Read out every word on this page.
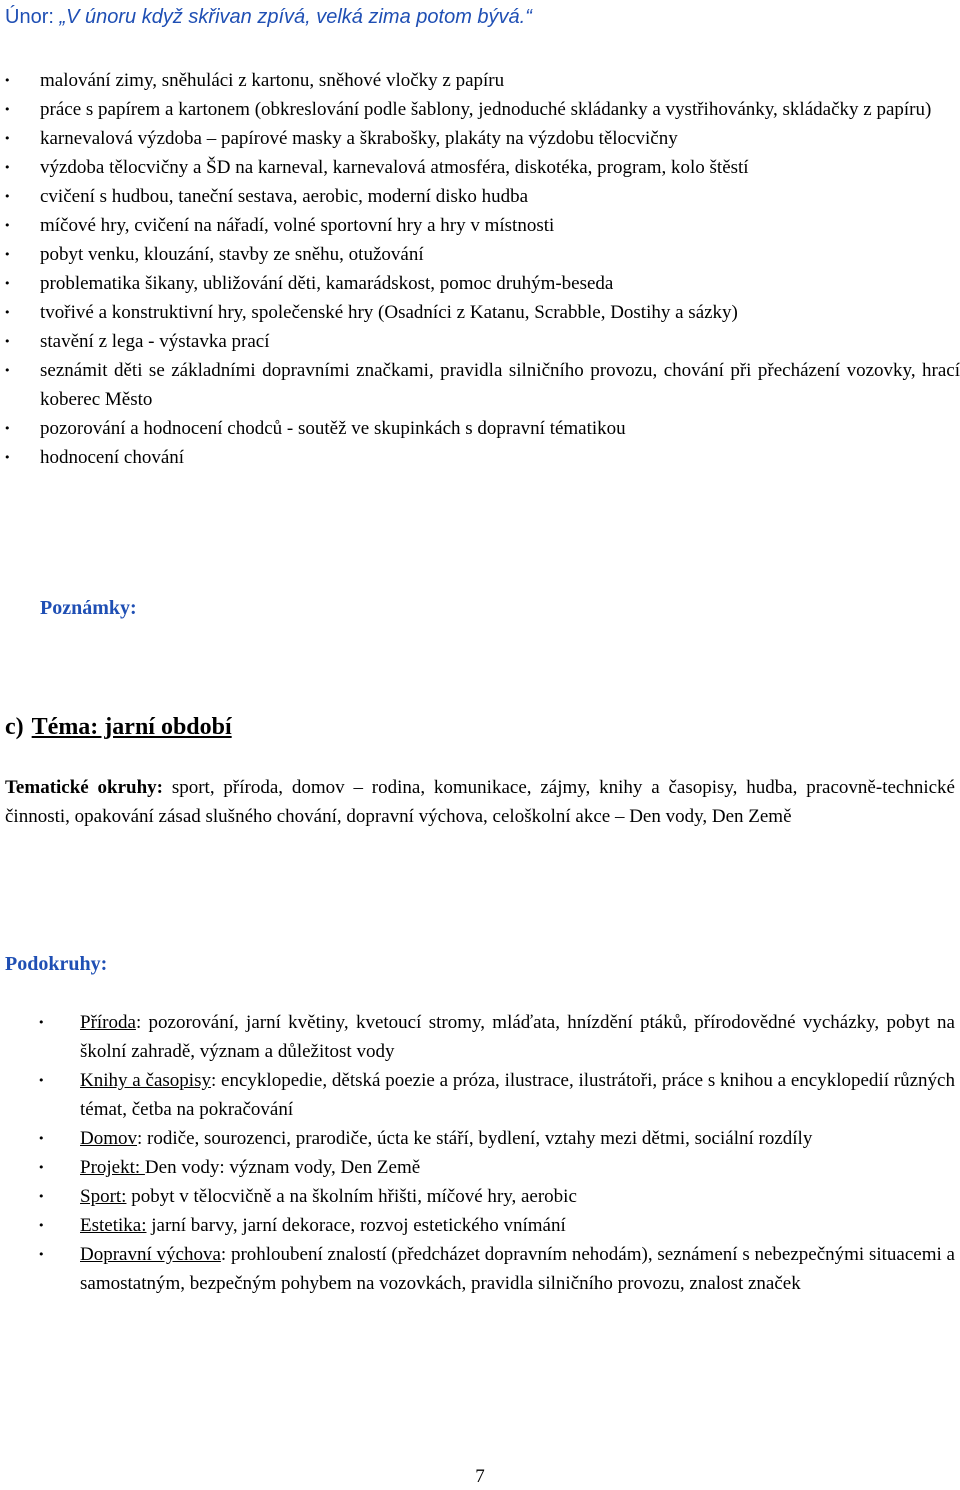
Únor: „V únoru když skřivan zpívá, velká zima potom bývá.“
•	malování zimy, sněhuláci z kartonu, sněhové vločky z papíru
•	práce s papírem a kartonem (obkreslování podle šablony, jednoduché skládanky a vystřihovánky, skládačky z papíru)
•	karnevalová výzdoba – papírové masky a škrabošky, plakáty na výzdobu tělocvičny
•	výzdoba tělocvičny a ŠD na karneval, karnevalová atmosféra, diskotéka, program, kolo štěstí
•	cvičení s hudbou, taneční sestava, aerobic, moderní disko hudba
•	míčové hry, cvičení na nářadí, volné sportovní hry a hry v místnosti
•	pobyt venku, klouzání, stavby ze sněhu, otužování
•	problematika šikany, ubližování děti, kamarádskost, pomoc druhým-beseda
•	tvořivé a konstruktivní hry, společenské hry (Osadníci z Katanu, Scrabble, Dostihy a sázky)
•	stavění z lega - výstavka prací
•	seznámit děti se základními dopravními značkami, pravidla silničního provozu, chování při přecházení vozovky, hrací koberec Město
•	pozorování a hodnocení chodců - soutěž ve skupinkách s dopravní tématikou
•	hodnocení chování
Poznámky:
c) Téma: jarní období

Tematické okruhy: sport, příroda, domov – rodina, komunikace, zájmy, knihy a časopisy, hudba, pracovně-technické činnosti, opakování zásad slušného chování, dopravní výchova, celoškolní akce – Den vody, Den Země

Podokruhy:
•	Příroda: pozorování, jarní květiny, kvetoucí stromy, mláďata, hnízdění ptáků, přírodovědné vycházky, pobyt na školní zahradě, význam a důležitost vody
•	Knihy a časopisy: encyklopedie, dětská poezie a próza, ilustrace, ilustrátoři, práce s knihou a encyklopedií různých témat, četba na pokračování
•	Domov: rodiče, sourozenci, prarodiče, úcta ke stáří, bydlení, vztahy mezi dětmi, sociální rozdíly
•	Projekt: Den vody: význam vody, Den Země
•	Sport: pobyt v tělocvičně a na školním hřišti, míčové hry, aerobic
•	Estetika: jarní barvy, jarní dekorace, rozvoj estetického vnímání
•	Dopravní výchova: prohloubení znalostí (předcházet dopravním nehodám), seznámení s nebezpečnými situacemi a samostatným, bezpečným pohybem na vozovkách, pravidla silničního provozu, znalost značek
7
